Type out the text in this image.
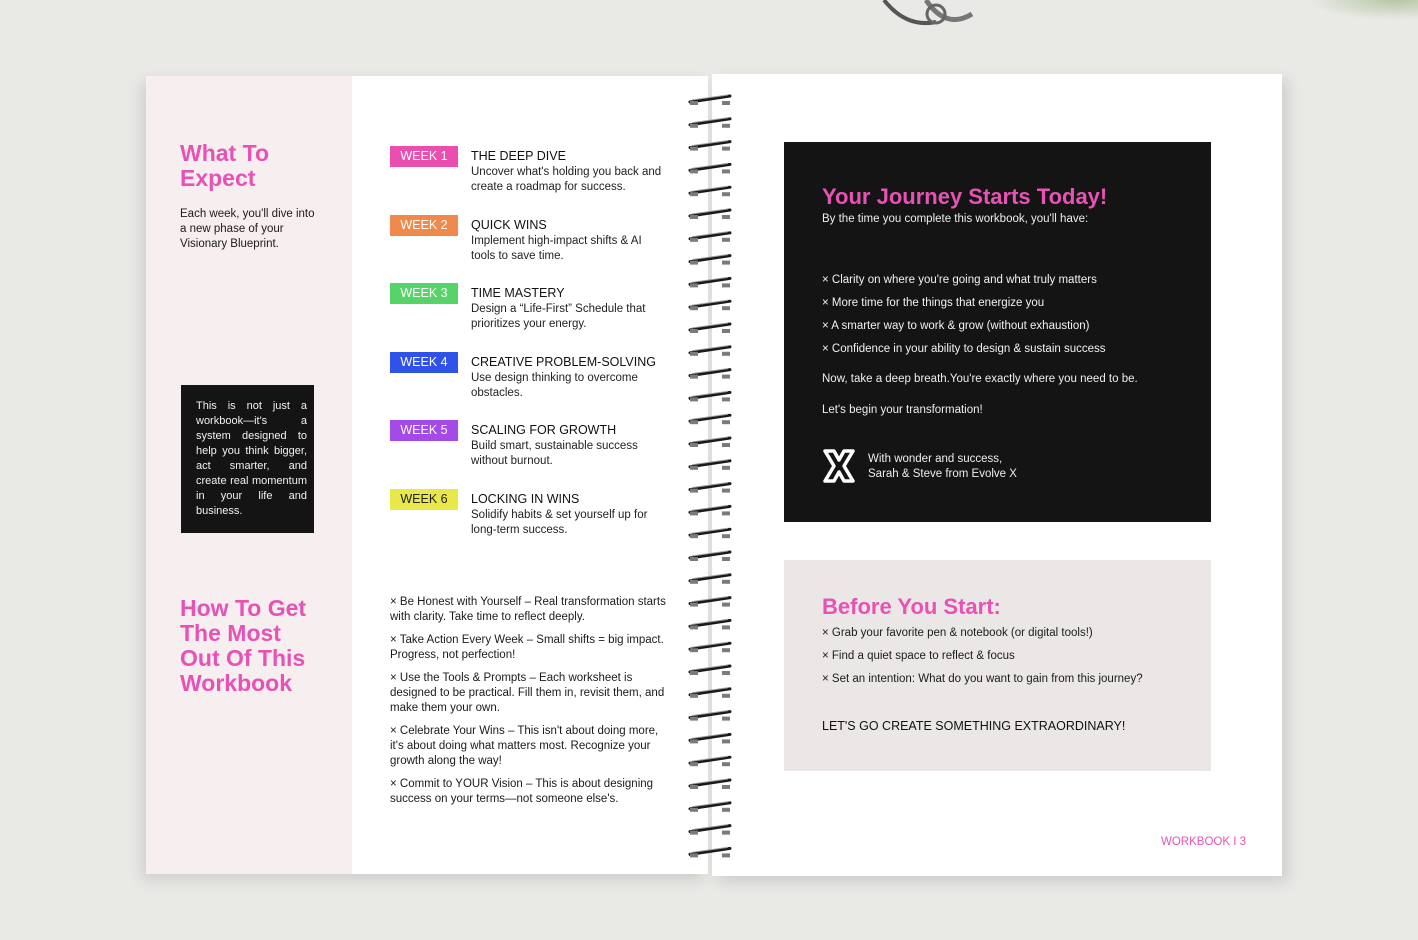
What To Expect
Each week, you'll dive into a new phase of your Visionary Blueprint.
This is not just a workbook—it's a system designed to help you think bigger, act smarter, and create real momentum in your life and business.
How To Get The Most Out Of This Workbook
WEEK 1	THE DEEP DIVE
Uncover what's holding you back and create a roadmap for success.
WEEK 2	QUICK WINS
Implement high-impact shifts & AI tools to save time.
WEEK 3	TIME MASTERY
Design a “Life-First” Schedule that prioritizes your energy.
WEEK 4	CREATIVE PROBLEM-SOLVING
Use design thinking to overcome obstacles.
WEEK 5	SCALING FOR GROWTH
Build smart, sustainable success without burnout.
WEEK 6	LOCKING IN WINS
Solidify habits & set yourself up for long-term success.
× Be Honest with Yourself – Real transformation starts with clarity. Take time to reflect deeply.
× Take Action Every Week – Small shifts = big impact. Progress, not perfection!
× Use the Tools & Prompts – Each worksheet is designed to be practical. Fill them in, revisit them, and make them your own.
× Celebrate Your Wins – This isn't about doing more, it's about doing what matters most. Recognize your growth along the way!
× Commit to YOUR Vision – This is about designing success on your terms—not someone else's.
Your Journey Starts Today!
By the time you complete this workbook, you'll have:
× Clarity on where you're going and what truly matters
× More time for the things that energize you
× A smarter way to work & grow (without exhaustion)
× Confidence in your ability to design & sustain success
Now, take a deep breath.You're exactly where you need to be.
Let's begin your transformation!
With wonder and success,
Sarah & Steve from Evolve X
Before You Start:
× Grab your favorite pen & notebook (or digital tools!)
× Find a quiet space to reflect & focus
× Set an intention: What do you want to gain from this journey?
LET'S GO CREATE SOMETHING EXTRAORDINARY!
WORKBOOK I 3
